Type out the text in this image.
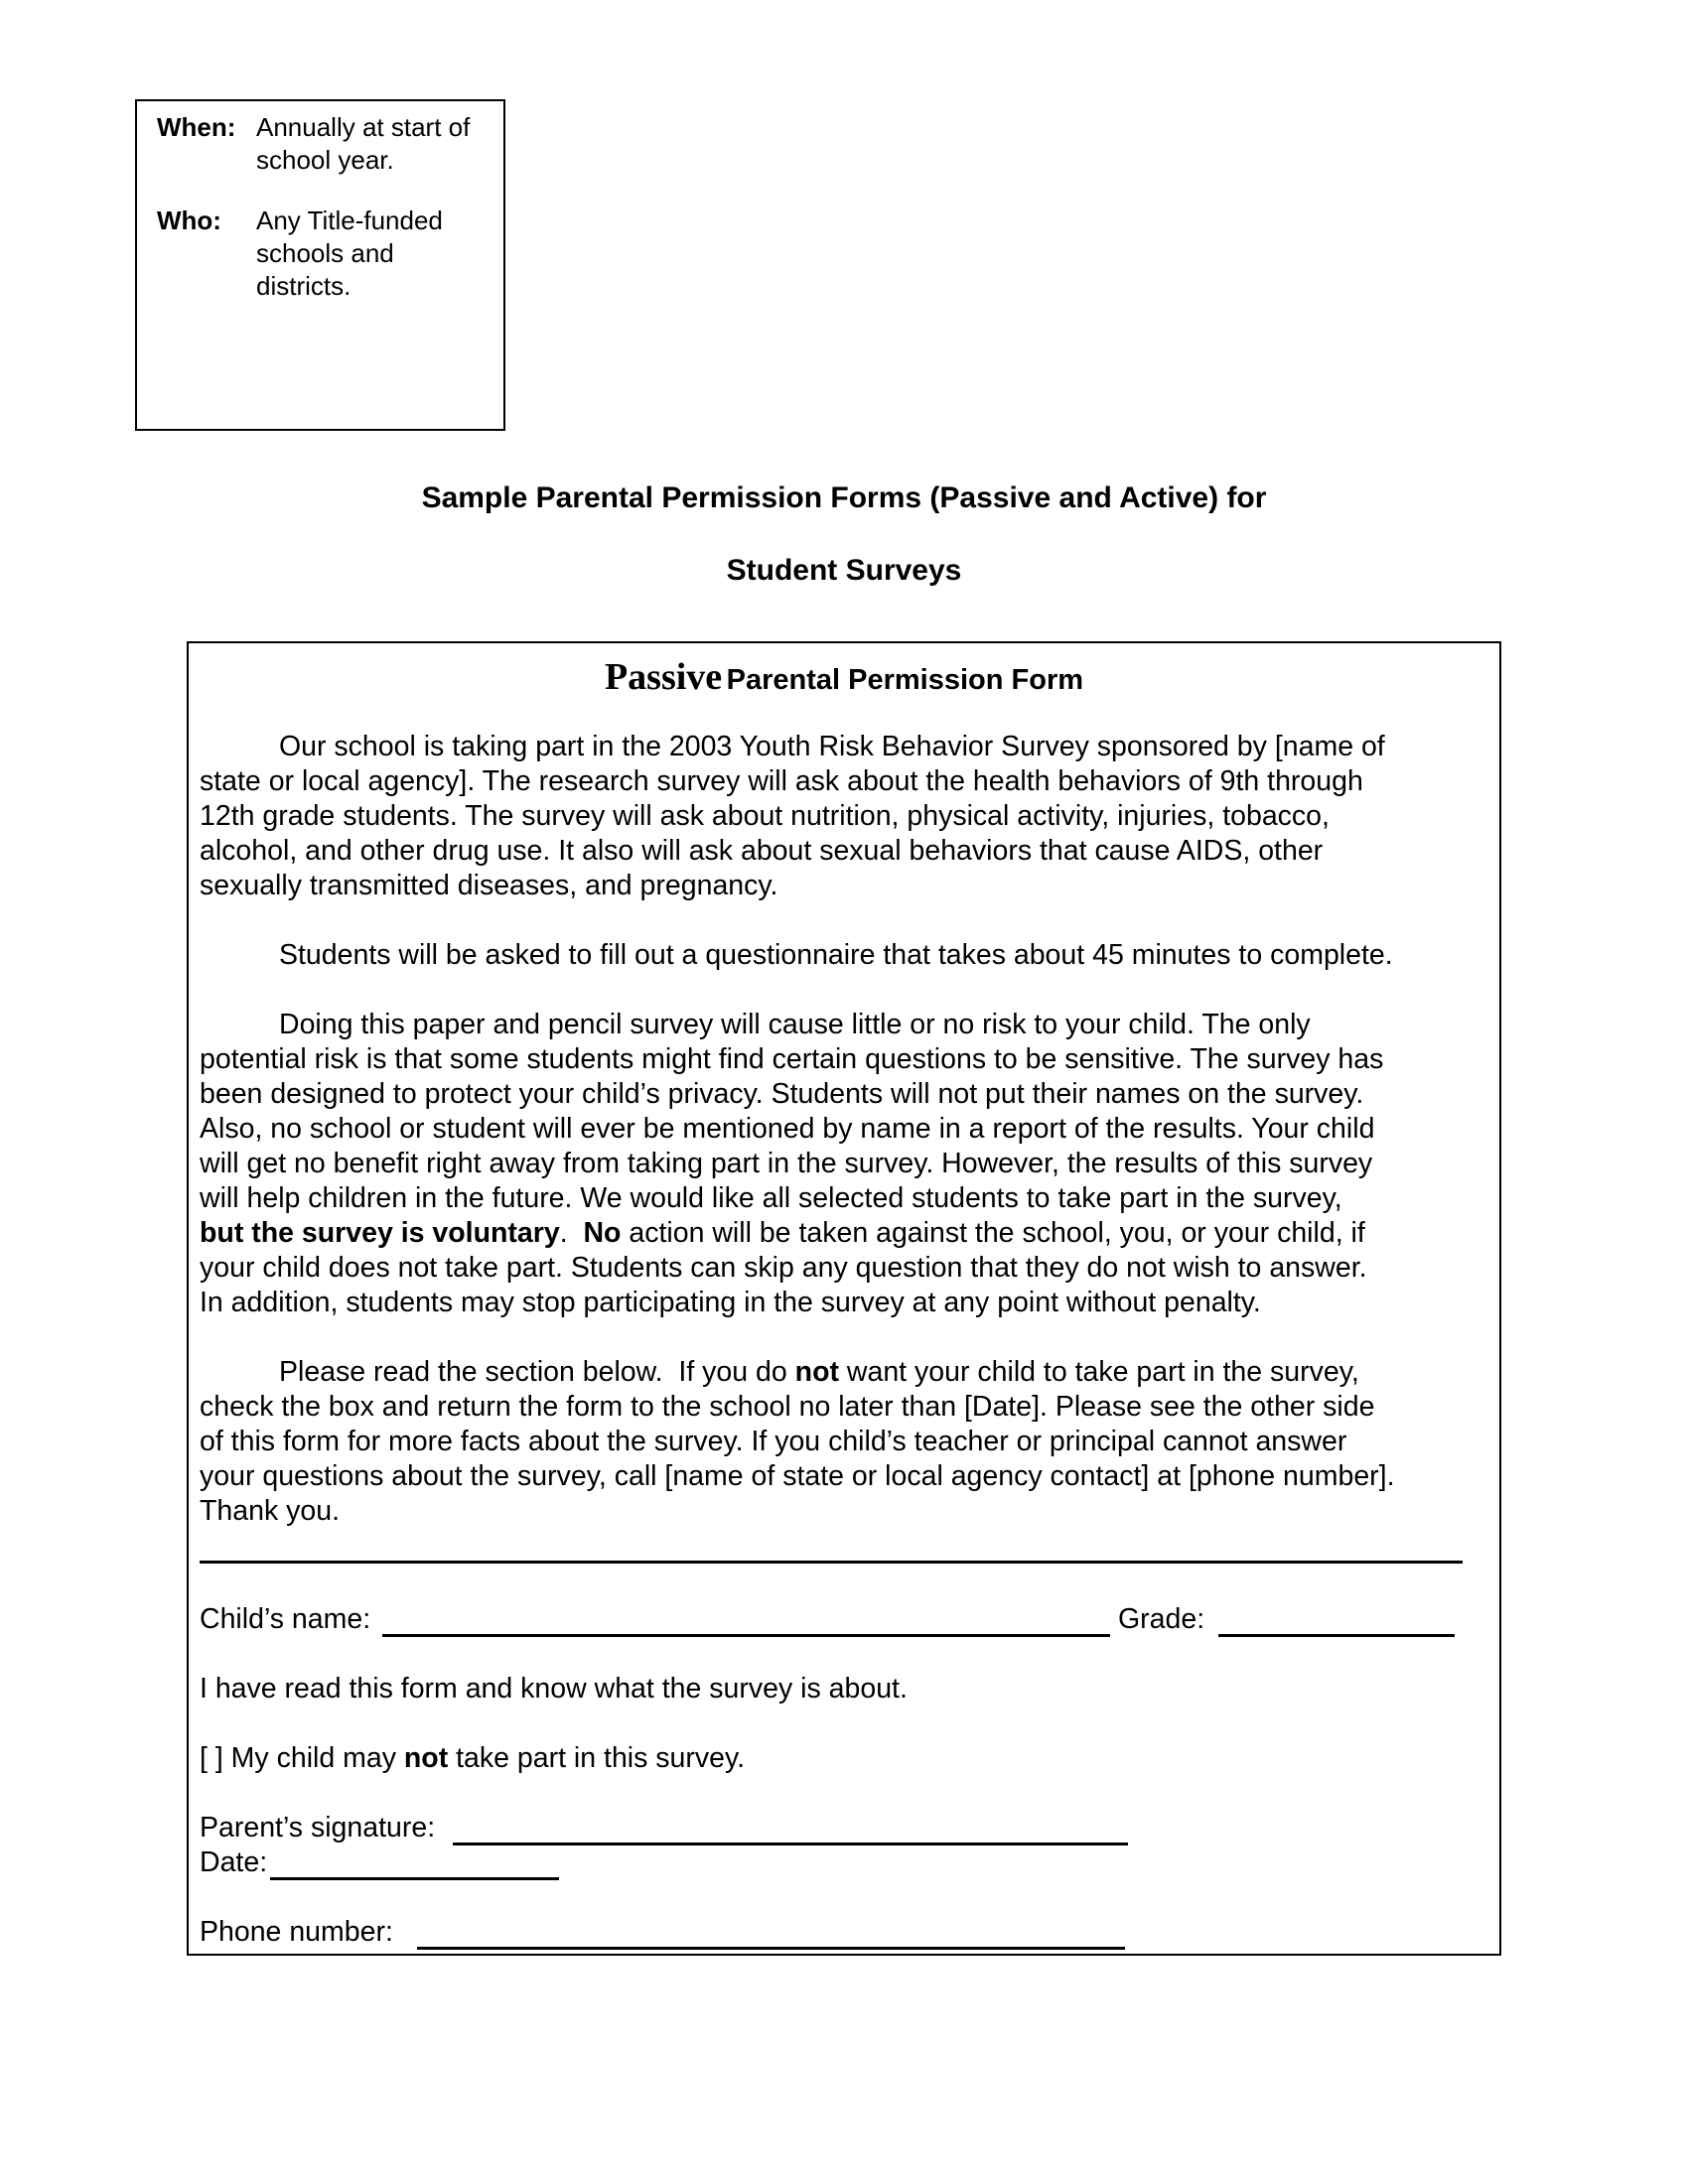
When: Annually at start of
school year.
Who: Any Title-funded
schools and
districts.
Sample Parental Permission Forms (Passive and Active) for
Student Surveys
Passive Parental Permission Form
Our school is taking part in the 2003 Youth Risk Behavior Survey sponsored by [name of
state or local agency]. The research survey will ask about the health behaviors of 9th through
12th grade students. The survey will ask about nutrition, physical activity, injuries, tobacco,
alcohol, and other drug use. It also will ask about sexual behaviors that cause AIDS, other
sexually transmitted diseases, and pregnancy.
Students will be asked to fill out a questionnaire that takes about 45 minutes to complete.
Doing this paper and pencil survey will cause little or no risk to your child. The only
potential risk is that some students might find certain questions to be sensitive. The survey has
been designed to protect your child’s privacy. Students will not put their names on the survey.
Also, no school or student will ever be mentioned by name in a report of the results. Your child
will get no benefit right away from taking part in the survey. However, the results of this survey
will help children in the future. We would like all selected students to take part in the survey,
but the survey is voluntary.  No action will be taken against the school, you, or your child, if
your child does not take part. Students can skip any question that they do not wish to answer.
In addition, students may stop participating in the survey at any point without penalty.
Please read the section below.  If you do not want your child to take part in the survey,
check the box and return the form to the school no later than [Date]. Please see the other side
of this form for more facts about the survey. If you child’s teacher or principal cannot answer
your questions about the survey, call [name of state or local agency contact] at [phone number].
Thank you.
Child’s name:	Grade:
I have read this form and know what the survey is about.
[ ] My child may not take part in this survey.
Parent’s signature:
Date:
Phone number:
